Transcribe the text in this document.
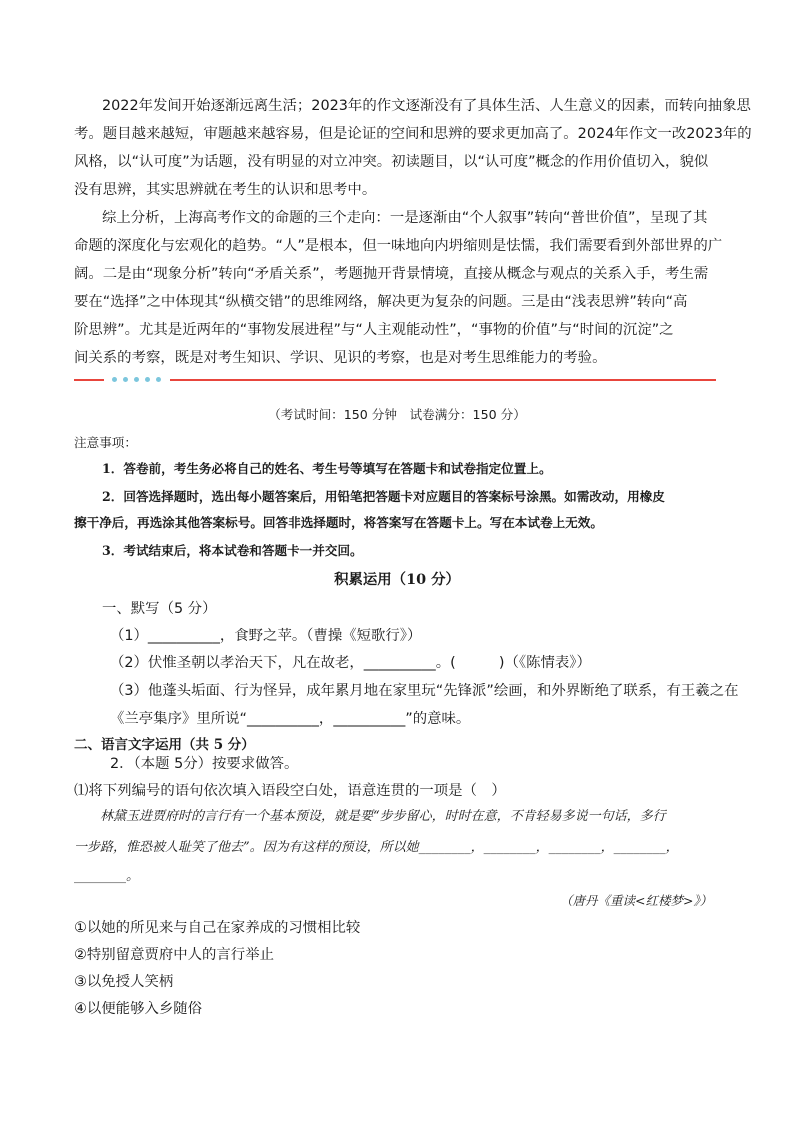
2022年发间开始逐渐远离生活；2023年的作文逐渐没有了具体生活、人生意义的因素，而转向抽象思
考。题目越来越短，审题越来越容易，但是论证的空间和思辨的要求更加高了。2024年作文一改2023年的
风格，以“认可度”为话题，没有明显的对立冲突。初读题目，以“认可度”概念的作用价值切入，貌似
没有思辨，其实思辨就在考生的认识和思考中。
综上分析，上海高考作文的命题的三个走向：一是逐渐由“个人叙事”转向“普世价值”，呈现了其
命题的深度化与宏观化的趋势。“人”是根本，但一味地向内坍缩则是怯懦，我们需要看到外部世界的广
阔。二是由“现象分析”转向“矛盾关系”，考题抛开背景情境，直接从概念与观点的关系入手，考生需
要在“选择”之中体现其“纵横交错”的思维网络，解决更为复杂的问题。三是由“浅表思辨”转向“高
阶思辨”。尤其是近两年的“事物发展进程”与“人主观能动性”，“事物的价值”与“时间的沉淀”之
间关系的考察，既是对考生知识、学识、见识的考察，也是对考生思维能力的考验。
（考试时间：150 分钟　试卷满分：150 分）
注意事项：
1．答卷前，考生务必将自己的姓名、考生号等填写在答题卡和试卷指定位置上。
2．回答选择题时，选出每小题答案后，用铅笔把答题卡对应题目的答案标号涂黑。如需改动，用橡皮
擦干净后，再选涂其他答案标号。回答非选择题时，将答案写在答题卡上。写在本试卷上无效。
3．考试结束后，将本试卷和答题卡一并交回。
积累运用（10 分）
一、默写（5 分）
（1）__________，食野之苹。（曹操《短歌行》）
（2）伏惟圣朝以孝治天下，凡在故老，__________。(　　　)（《陈情表》）
（3）他蓬头垢面、行为怪异，成年累月地在家里玩“先锋派”绘画，和外界断绝了联系，有王羲之在
《兰亭集序》里所说“__________，__________”的意味。
二、语言文字运用（共 5 分）
2．（本题 5分）按要求做答。
⑴将下列编号的语句依次填入语段空白处，语意连贯的一项是（　）
林黛玉进贾府时的言行有一个基本预设，就是要“步步留心，时时在意，不肯轻易多说一句话，多行
一步路，惟恐被人耻笑了他去”。因为有这样的预设，所以她________，________，________，________，
________。
（唐丹《重读<红楼梦>》）
①以她的所见来与自己在家养成的习惯相比较
②特别留意贾府中人的言行举止
③以免授人笑柄
④以便能够入乡随俗
